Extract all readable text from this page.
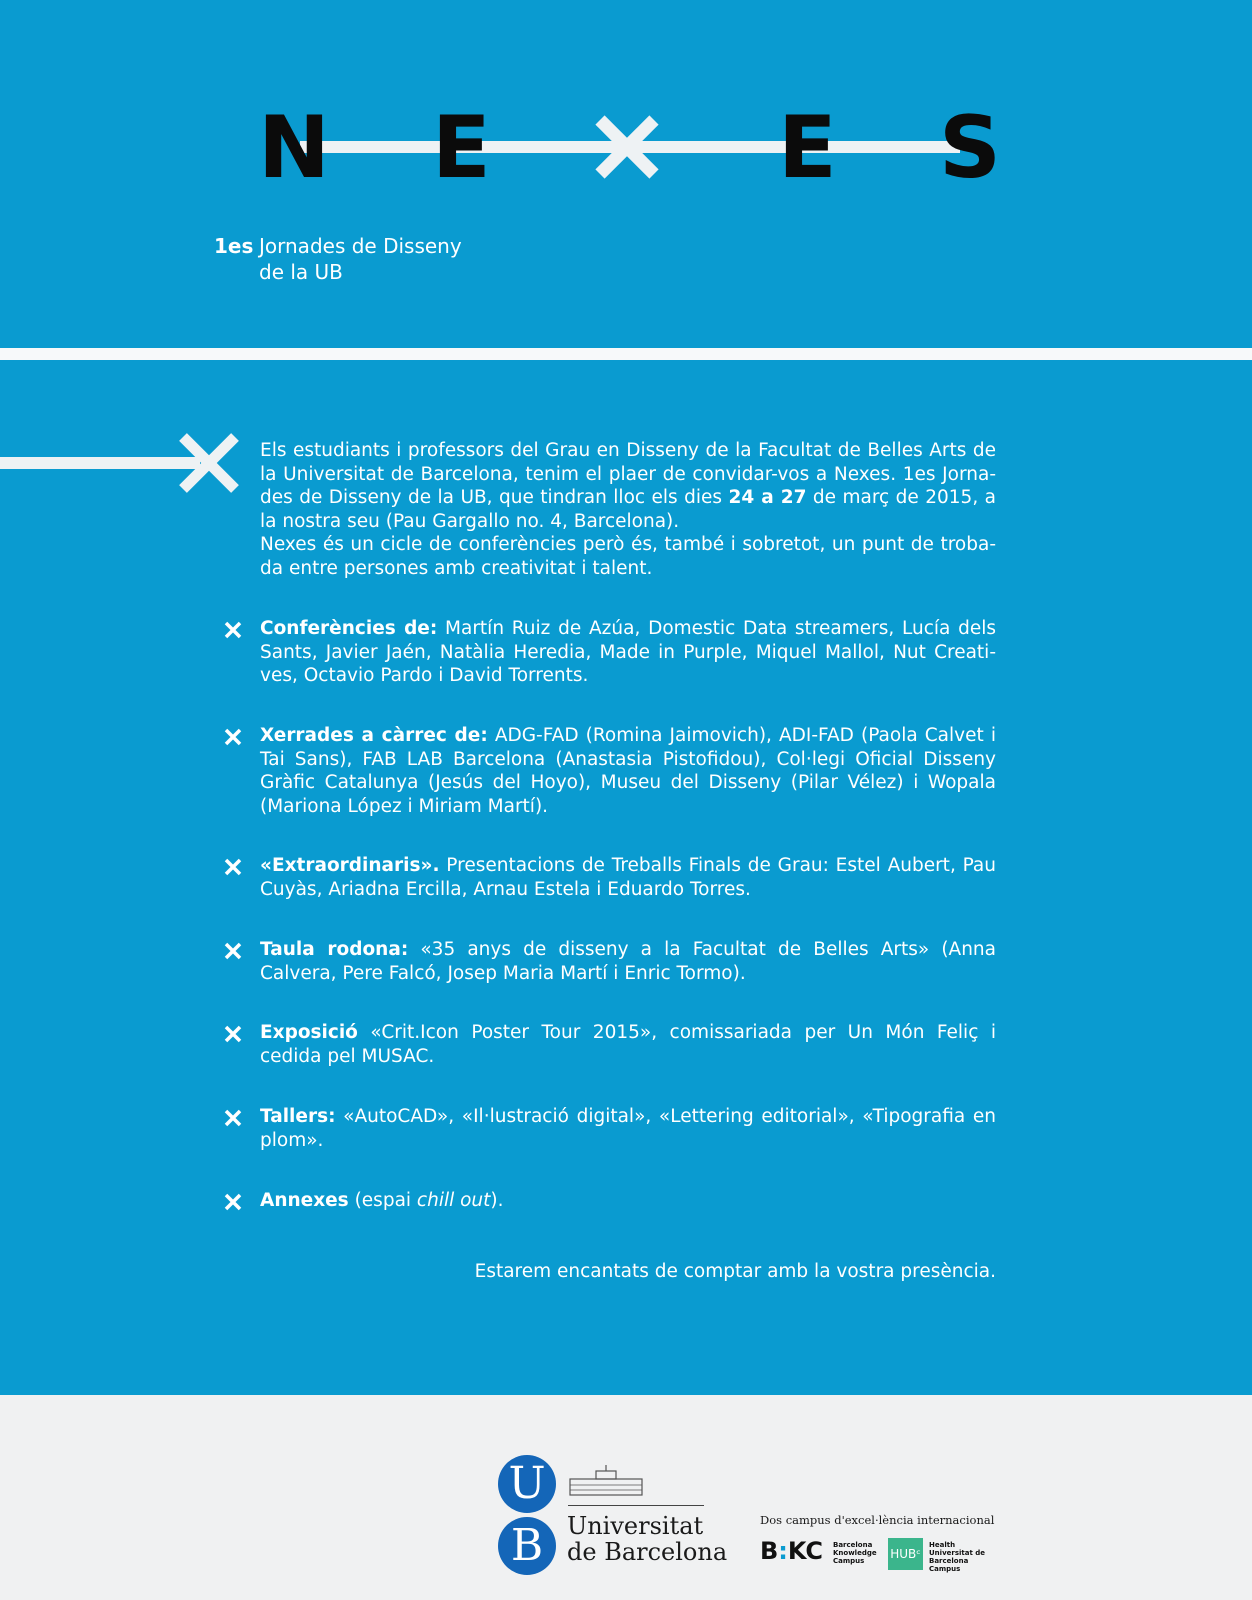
N E	E S
1es Jornades de Disseny
de la UB

Els estudiants i professors del Grau en Disseny de la Facultat de Belles Arts de la Universitat de Barcelona, tenim el plaer de convidar-vos a Nexes. 1es Jornades de Disseny de la UB, que tindran lloc els dies 24 a 27 de març de 2015, a la nostra seu (Pau Gargallo no. 4, Barcelona).

Nexes és un cicle de conferències però és, també i sobretot, un punt de trobada entre persones amb creativitat i talent.

Conferències de: Martín Ruiz de Azúa, Domestic Data streamers, Lucía dels Sants, Javier Jaén, Natàlia Heredia, Made in Purple, Miquel Mallol, Nut Creatives, Octavio Pardo i David Torrents.
Xerrades a càrrec de: ADG-FAD (Romina Jaimovich), ADI-FAD (Paola Calvet i Tai Sans), FAB LAB Barcelona (Anastasia Pistofidou), Col·legi Oficial Disseny Gràfic Catalunya (Jesús del Hoyo), Museu del Disseny (Pilar Vélez) i Wopala (Mariona López i Miriam Martí).
«Extraordinaris». Presentacions de Treballs Finals de Grau: Estel Aubert, Pau Cuyàs, Ariadna Ercilla, Arnau Estela i Eduardo Torres.
Taula rodona: «35 anys de disseny a la Facultat de Belles Arts» (Anna Calvera, Pere Falcó, Josep Maria Martí i Enric Tormo).
Exposició «Crit.Icon Poster Tour 2015», comissariada per Un Món Feliç i cedida pel MUSAC.
Tallers: «AutoCAD», «Il·lustració digital», «Lettering editorial», «Tipografia en plom».
Annexes (espai chill out).
Estarem encantats de comptar amb la vostra presència.
U
B Universitat
de Barcelona
Dos campus d'excel·lència internacional
B:KC Barcelona Knowledge Campus	HUBᶜ
Health Universitat de Barcelona Campus
